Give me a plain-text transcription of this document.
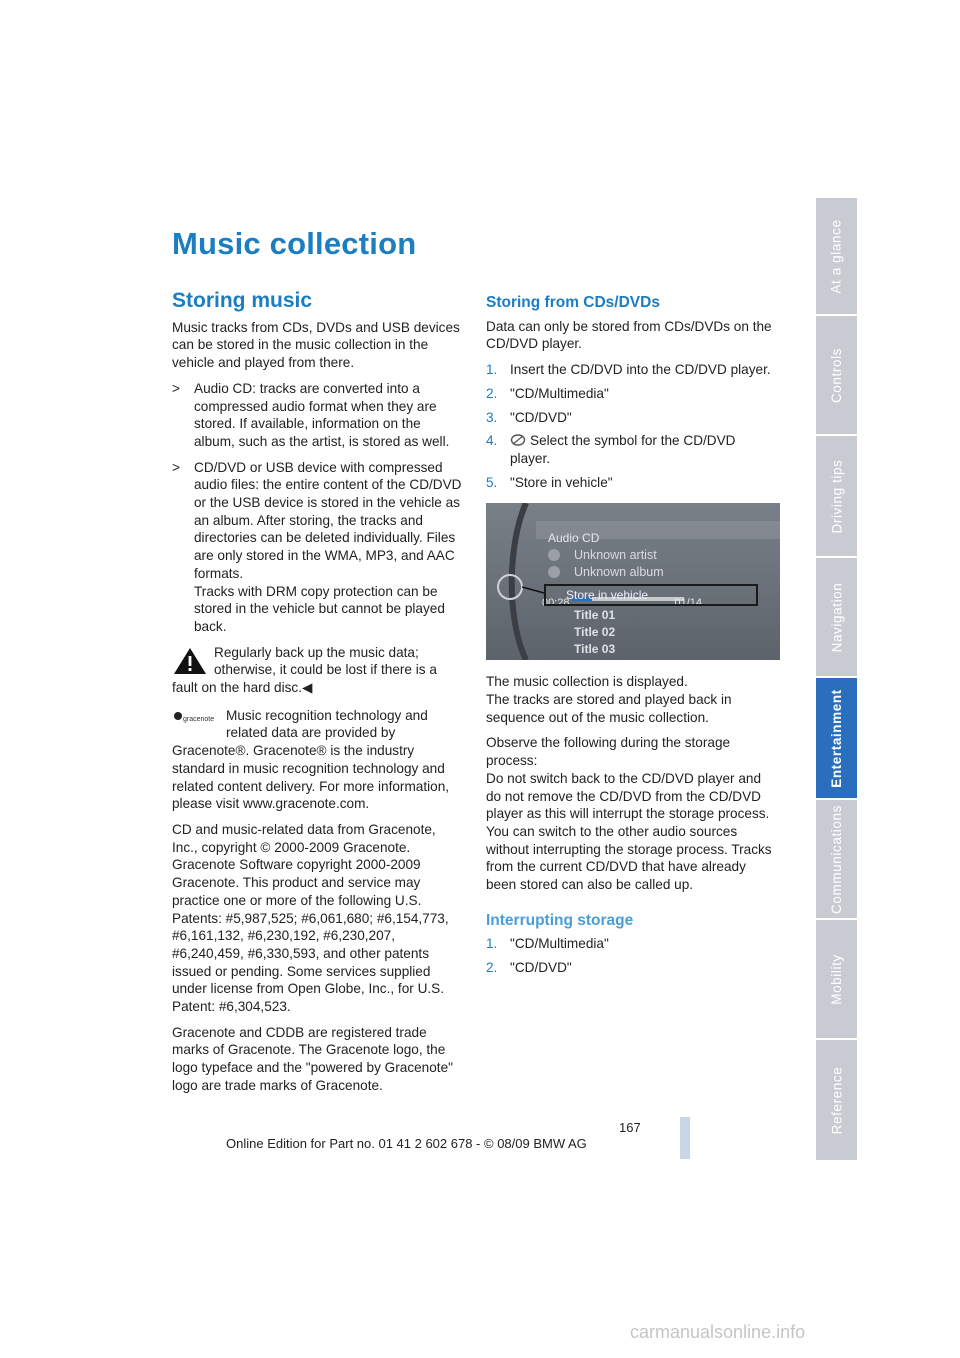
Music collection
Storing music

Music tracks from CDs, DVDs and USB devices can be stored in the music collection in the vehicle and played from there.

>	Audio CD: tracks are converted into a compressed audio format when they are stored. If available, information on the album, such as the artist, is stored as well.
>	CD/DVD or USB device with compressed audio files: the entire content of the CD/DVD or the USB device is stored in the vehicle as an album. After storing, the tracks and directories can be deleted individually. Files are only stored in the WMA, MP3, and AAC formats.
Tracks with DRM copy protection can be stored in the vehicle but cannot be played back.
Regularly back up the music data; otherwise, it could be lost if there is a fault on the hard disc.◀
gracenote Music recognition technology and related data are provided by Gracenote®. Gracenote® is the industry standard in music recognition technology and related content delivery. For more information, please visit www.gracenote.com.

CD and music-related data from Gracenote, Inc., copyright © 2000-2009 Gracenote. Gracenote Software copyright 2000-2009 Gracenote. This product and service may practice one or more of the following U.S. Patents: #5,987,525; #6,061,680; #6,154,773, #6,161,132, #6,230,192, #6,230,207, #6,240,459, #6,330,593, and other patents issued or pending. Some services supplied under license from Open Globe, Inc., for U.S. Patent: #6,304,523.

Gracenote and CDDB are registered trade marks of Gracenote. The Gracenote logo, the logo typeface and the "powered by Gracenote" logo are trade marks of Gracenote.

Storing from CDs/DVDs

Data can only be stored from CDs/DVDs on the CD/DVD player.

1. Insert the CD/DVD into the CD/DVD player.
2. "CD/Multimedia"
3. "CD/DVD"
4.	Select the symbol for the CD/DVD player.
5. "Store in vehicle"
Audio CD
Unknown artist
Unknown album
00:28	01/14
Store in vehicle
Title 01
Title 02
Title 03

The music collection is displayed.
The tracks are stored and played back in sequence out of the music collection.

Observe the following during the storage process:
Do not switch back to the CD/DVD player and do not remove the CD/DVD from the CD/DVD player as this will interrupt the storage process. You can switch to the other audio sources without interrupting the storage process. Tracks from the current CD/DVD that have already been stored can also be called up.

Interrupting storage
1. "CD/Multimedia"
2. "CD/DVD"
At a glance
Controls
Driving tips
Navigation
Entertainment
Communications
Mobility
Reference
167
Online Edition for Part no. 01 41 2 602 678 - © 08/09 BMW AG
carmanualsonline.info
